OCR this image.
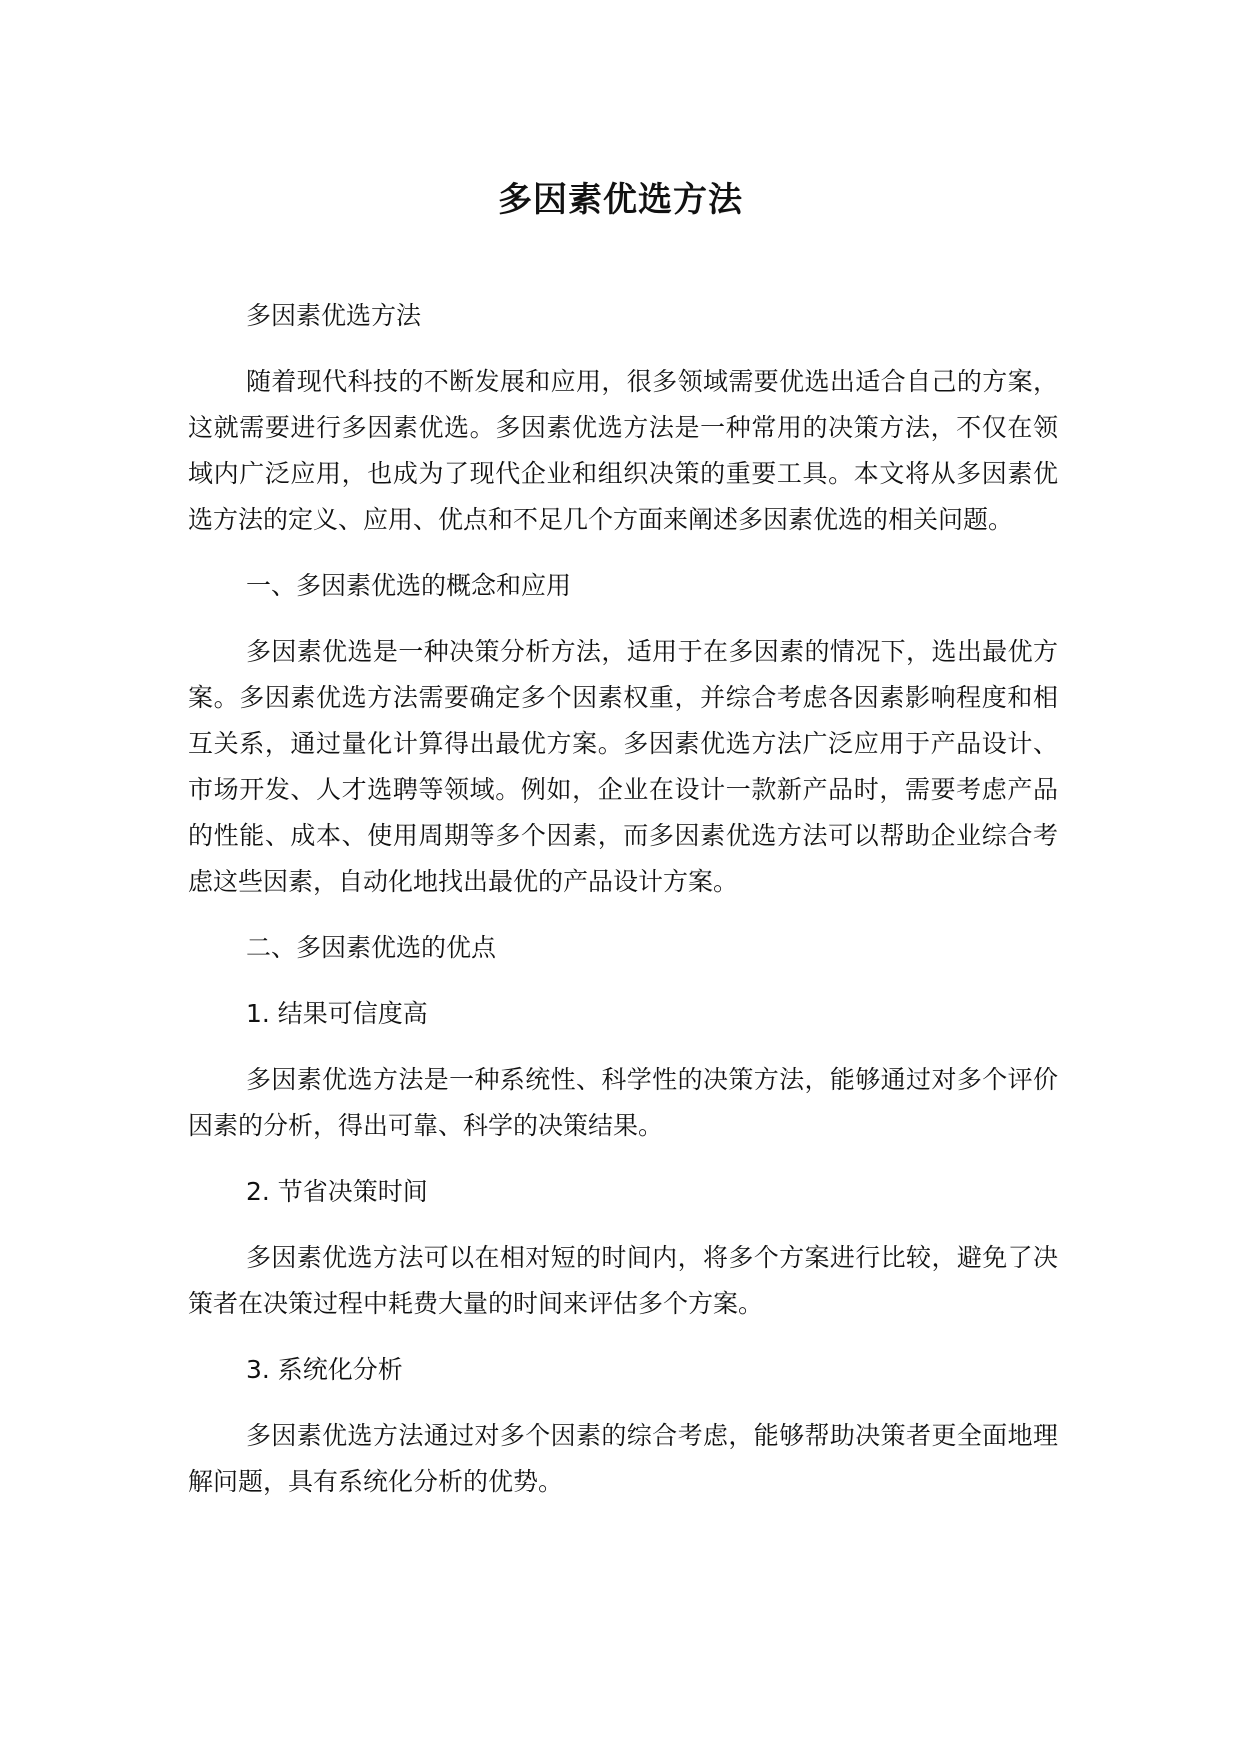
多因素优选方法

多因素优选方法

随着现代科技的不断发展和应用，很多领域需要优选出适合自己的方案，这就需要进行多因素优选。多因素优选方法是一种常用的决策方法，不仅在领域内广泛应用，也成为了现代企业和组织决策的重要工具。本文将从多因素优选方法的定义、应用、优点和不足几个方面来阐述多因素优选的相关问题。

一、多因素优选的概念和应用

多因素优选是一种决策分析方法，适用于在多因素的情况下，选出最优方案。多因素优选方法需要确定多个因素权重，并综合考虑各因素影响程度和相互关系，通过量化计算得出最优方案。多因素优选方法广泛应用于产品设计、市场开发、人才选聘等领域。例如，企业在设计一款新产品时，需要考虑产品的性能、成本、使用周期等多个因素，而多因素优选方法可以帮助企业综合考虑这些因素，自动化地找出最优的产品设计方案。

二、多因素优选的优点

1. 结果可信度高

多因素优选方法是一种系统性、科学性的决策方法，能够通过对多个评价因素的分析，得出可靠、科学的决策结果。

2. 节省决策时间

多因素优选方法可以在相对短的时间内，将多个方案进行比较，避免了决策者在决策过程中耗费大量的时间来评估多个方案。

3. 系统化分析

多因素优选方法通过对多个因素的综合考虑，能够帮助决策者更全面地理解问题，具有系统化分析的优势。
